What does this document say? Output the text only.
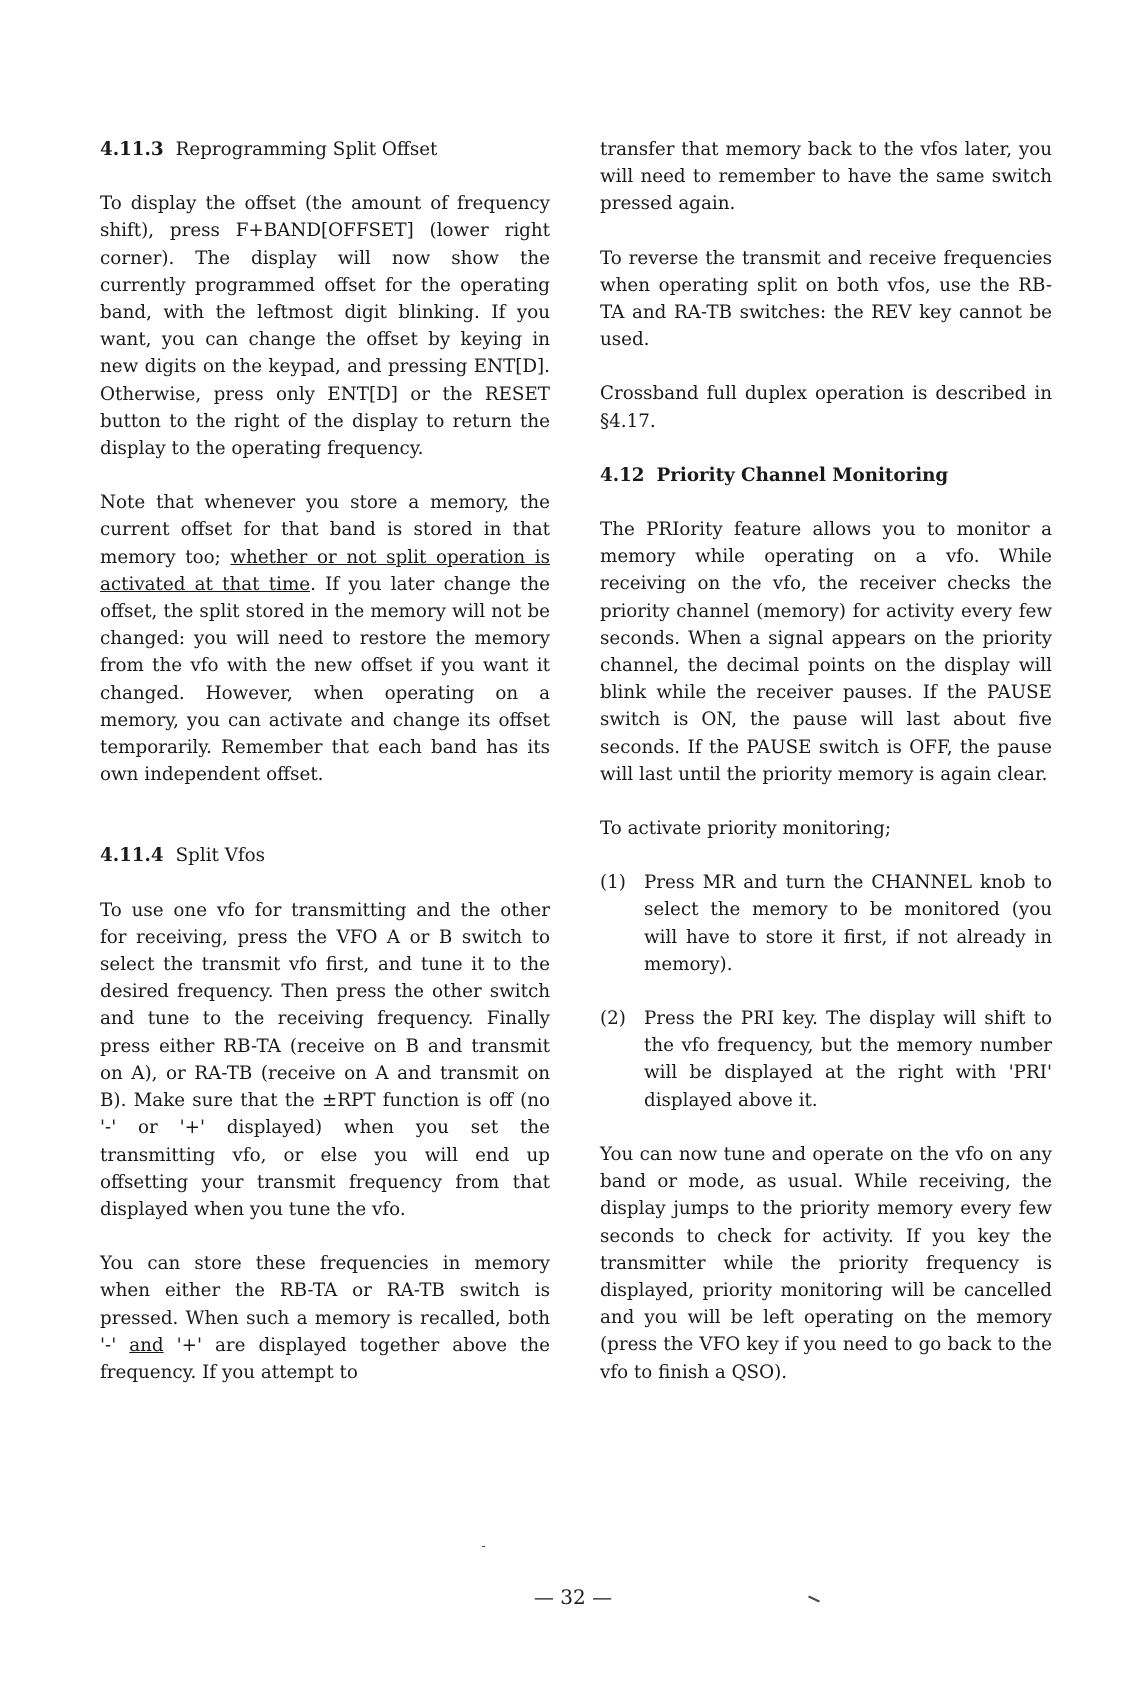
4.11.3 Reprogramming Split Offset

To display the offset (the amount of frequency shift), press F+BAND[OFFSET] (lower right corner). The display will now show the currently programmed offset for the operating band, with the leftmost digit blinking. If you want, you can change the offset by keying in new digits on the keypad, and pressing ENT[D]. Otherwise, press only ENT[D] or the RESET button to the right of the display to return the display to the operating frequency.

Note that whenever you store a memory, the current offset for that band is stored in that memory too; whether or not split operation is activated at that time. If you later change the offset, the split stored in the memory will not be changed: you will need to restore the memory from the vfo with the new offset if you want it changed. However, when operating on a memory, you can activate and change its offset temporarily. Remember that each band has its own independent offset.

4.11.4 Split Vfos

To use one vfo for transmitting and the other for receiving, press the VFO A or B switch to select the transmit vfo first, and tune it to the desired frequency. Then press the other switch and tune to the receiving frequency. Finally press either RB-TA (receive on B and transmit on A), or RA-TB (receive on A and transmit on B). Make sure that the ±RPT function is off (no '-' or '+' displayed) when you set the transmitting vfo, or else you will end up offsetting your transmit frequency from that displayed when you tune the vfo.

You can store these frequencies in memory when either the RB-TA or RA-TB switch is pressed. When such a memory is recalled, both '-' and '+' are displayed together above the frequency. If you attempt to

transfer that memory back to the vfos later, you will need to remember to have the same switch pressed again.

To reverse the transmit and receive frequencies when operating split on both vfos, use the RB-TA and RA-TB switches: the REV key cannot be used.

Crossband full duplex operation is described in §4.17.

4.12 Priority Channel Monitoring

The PRIority feature allows you to monitor a memory while operating on a vfo. While receiving on the vfo, the receiver checks the priority channel (memory) for activity every few seconds. When a signal appears on the priority channel, the decimal points on the display will blink while the receiver pauses. If the PAUSE switch is ON, the pause will last about five seconds. If the PAUSE switch is OFF, the pause will last until the priority memory is again clear.

To activate priority monitoring;

(1) Press MR and turn the CHANNEL knob to select the memory to be monitored (you will have to store it first, if not already in memory).
(2) Press the PRI key. The display will shift to the vfo frequency, but the memory number will be displayed at the right with 'PRI' displayed above it.

You can now tune and operate on the vfo on any band or mode, as usual. While receiving, the display jumps to the priority memory every few seconds to check for activity. If you key the transmitter while the priority frequency is displayed, priority monitoring will be cancelled and you will be left operating on the memory (press the VFO key if you need to go back to the vfo to finish a QSO).

— 32 —
